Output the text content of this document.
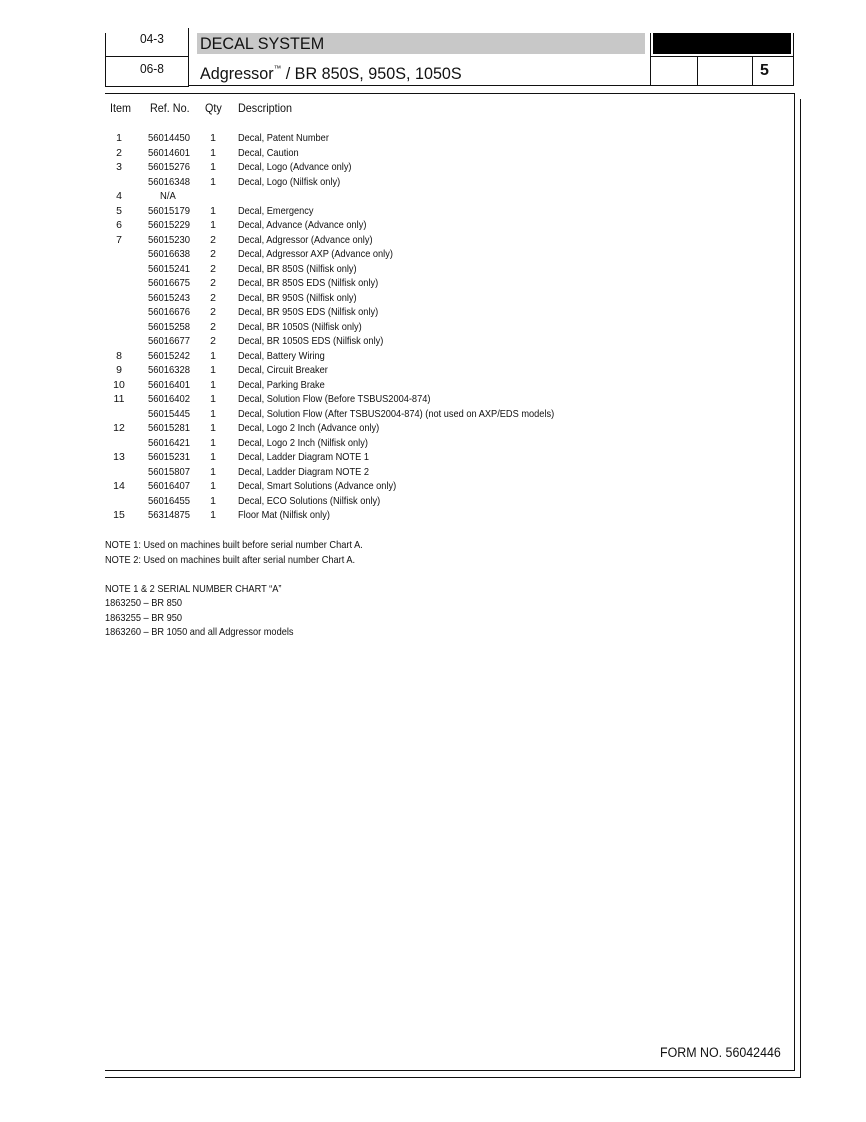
04-3
06-8
DECAL SYSTEM
Adgressor™ / BR 850S, 950S, 1050S	5
Item Ref. No. Qty Description
1	56014450	1	Decal, Patent Number
2	56014601	1	Decal, Caution
3	56015276	1	Decal, Logo (Advance only)
56016348	1	Decal, Logo (Nilfisk only)
4	N/A
5	56015179	1	Decal, Emergency
6	56015229	1	Decal, Advance (Advance only)
7	56015230	2	Decal, Adgressor (Advance only)
56016638	2	Decal, Adgressor AXP (Advance only)
56015241	2	Decal, BR 850S (Nilfisk only)
56016675	2	Decal, BR 850S EDS (Nilfisk only)
56015243	2	Decal, BR 950S (Nilfisk only)
56016676	2	Decal, BR 950S EDS (Nilfisk only)
56015258	2	Decal, BR 1050S (Nilfisk only)
56016677	2	Decal, BR 1050S EDS (Nilfisk only)
8	56015242	1	Decal, Battery Wiring
9	56016328	1	Decal, Circuit Breaker
10	56016401	1	Decal, Parking Brake
11	56016402	1	Decal, Solution Flow (Before TSBUS2004-874)
56015445	1	Decal, Solution Flow (After TSBUS2004-874) (not used on AXP/EDS models)
12	56015281	1	Decal, Logo 2 Inch (Advance only)
56016421	1	Decal, Logo 2 Inch (Nilfisk only)
13	56015231	1	Decal, Ladder Diagram NOTE 1
56015807	1	Decal, Ladder Diagram NOTE 2
14	56016407	1	Decal, Smart Solutions (Advance only)
56016455	1	Decal, ECO Solutions (Nilfisk only)
15	56314875	1	Floor Mat (Nilfisk only)
NOTE 1: Used on machines built before serial number Chart A.
NOTE 2: Used on machines built after serial number Chart A.
NOTE 1 & 2 SERIAL NUMBER CHART “A”
1863250 – BR 850
1863255 – BR 950
1863260 – BR 1050 and all Adgressor models
FORM NO. 56042446
